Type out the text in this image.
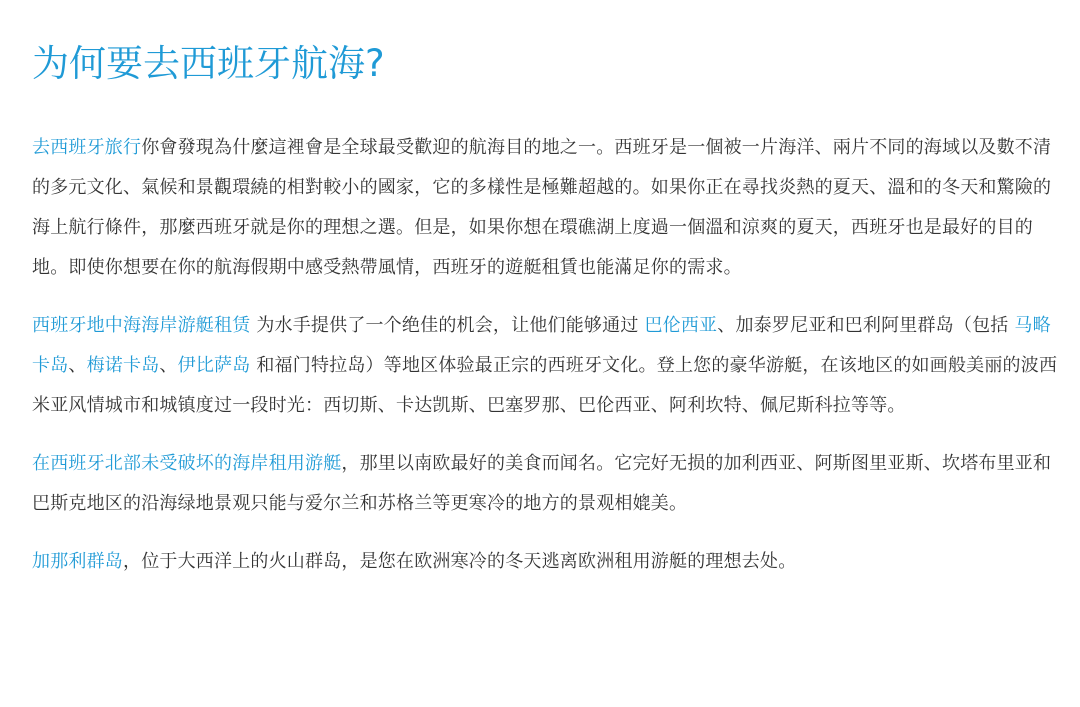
为何要去西班牙航海?

去西班牙旅行你會發現為什麼這裡會是全球最受歡迎的航海目的地之一。西班牙是一個被一片海洋、兩片不同的海域以及數不清的多元文化、氣候和景觀環繞的相對較小的國家，它的多樣性是極難超越的。如果你正在尋找炎熱的夏天、溫和的冬天和驚險的海上航行條件，那麼西班牙就是你的理想之選。但是，如果你想在環礁湖上度過一個溫和涼爽的夏天，西班牙也是最好的目的地。即使你想要在你的航海假期中感受熱帶風情，西班牙的遊艇租賃也能滿足你的需求。

西班牙地中海海岸游艇租赁 为水手提供了一个绝佳的机会，让他们能够通过 巴伦西亚、加泰罗尼亚和巴利阿里群岛（包括 马略卡岛、梅诺卡岛、伊比萨岛 和福门特拉岛）等地区体验最正宗的西班牙文化。登上您的豪华游艇，在该地区的如画般美丽的波西米亚风情城市和城镇度过一段时光：西切斯、卡达凯斯、巴塞罗那、巴伦西亚、阿利坎特、佩尼斯科拉等等。

在西班牙北部未受破坏的海岸租用游艇，那里以南欧最好的美食而闻名。它完好无损的加利西亚、阿斯图里亚斯、坎塔布里亚和巴斯克地区的沿海绿地景观只能与爱尔兰和苏格兰等更寒冷的地方的景观相媲美。

加那利群岛，位于大西洋上的火山群岛，是您在欧洲寒冷的冬天逃离欧洲租用游艇的理想去处。
